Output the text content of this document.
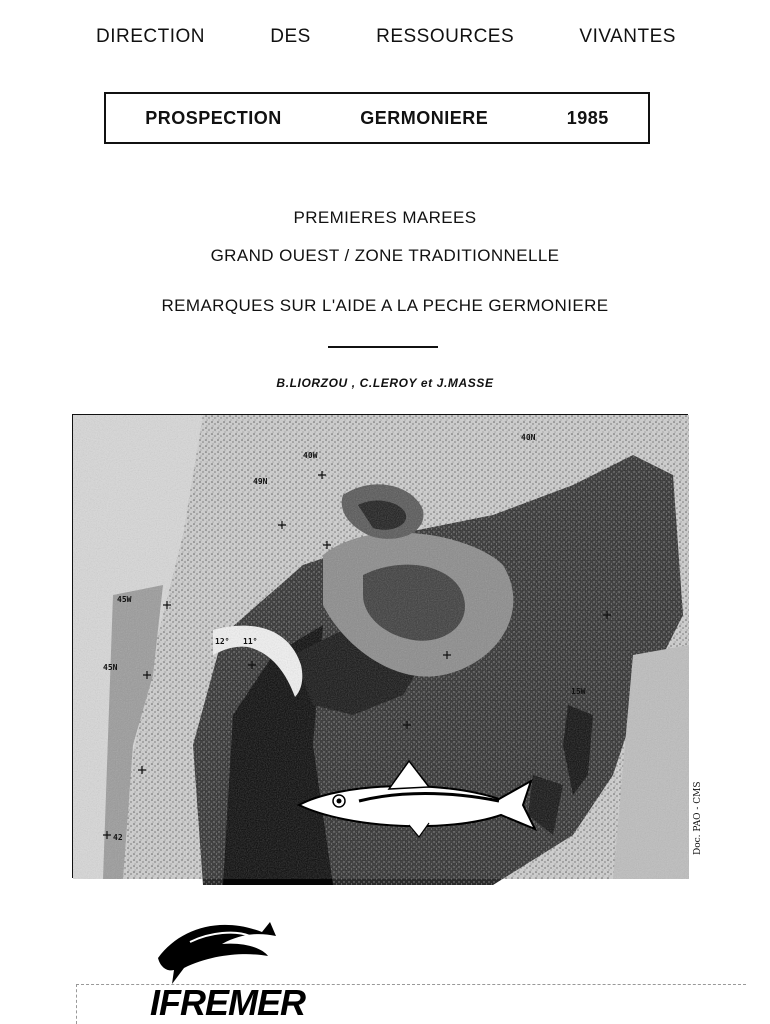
DIRECTION	DES	RESSOURCES	VIVANTES
PROSPECTION	GERMONIERE	1985
PREMIERES MAREES
GRAND OUEST / ZONE TRADITIONNELLE
REMARQUES SUR L'AIDE A LA PECHE GERMONIERE
B.LIORZOU , C.LEROY et J.MASSE
40W
40N
49N
45W
12° 11°
45N
15W
42	Doc. PAO - CMS
IFREMER
